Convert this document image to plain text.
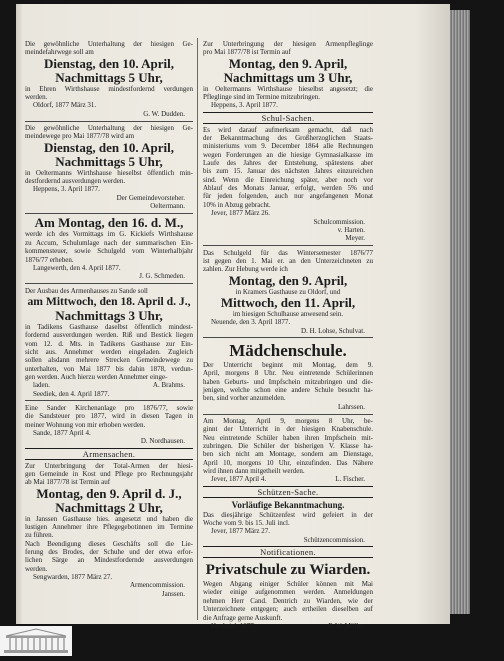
Die gewöhnliche Unterhaltung der hiesigen Ge-
meindefahrwege soll am
Dienstag, den 10. April,
Nachmittags 5 Uhr,
in Ehren Wirthshause mindestfordernd verdungen
werden.
Oldorf, 1877 März 31.
G. W. Dudden.
Die gewöhnliche Unterhaltung der hiesigen Ge-
meindewege pro Mai 1877/78 wird am
Dienstag, den 10. April,
Nachmittags 5 Uhr,
in Oeltermanns Wirthshause hieselbst öffentlich min-
destfordernd ausverdungen werden.
Heppens, 3. April 1877.
Der Gemeindevorsteher.
Oeltermann.
Am Montag, den 16. d. M.,
werde ich des Vormittags im G. Kickiefs Wirthshause
zu Accum, Schulumlage nach der summarischen Ein-
kommensteuer, sowie Schulgeld vom Winterhalbjahr
1876/77 erheben.
Langewerth, den 4. April 1877.
J. G. Schmeden.
Der Ausbau des Armenhauses zu Sande soll
am Mittwoch, den 18. April d. J.,
Nachmittags 3 Uhr,
in Tadikens Gasthause daselbst öffentlich mindest-
fordernd ausverdungen werden. Riß und Bestick liegen
vom 12. d. Mts. in Tadikens Gasthause zur Ein-
sicht aus. Annehmer werden eingeladen. Zugleich
sollen alsdann mehrere Strecken Gemeindewege zu
unterhalten, von Mai 1877 bis dahin 1878, verdun-
gen werden. Auch hierzu werden Annehmer einge-
laden.	A. Brahms.
Seediek, den 4. April 1877.
Eine Sander Kirchenanlage pro 1876/77, sowie
die Sandsteuer pro 1877, wird in diesen Tagen in
meiner Wohnung von mir erhoben werden.
Sande, 1877 April 4.
D. Nordhausen.
Armensachen.
Zur Unterbringung der Total-Armen der hiesi-
gen Gemeinde in Kost und Pflege pro Rechnungsjahr
ab Mai 1877/78 ist Termin auf
Montag, den 9. April d. J.,
Nachmittags 2 Uhr,
in Janssen Gasthause hies. angesetzt und haben die
lustigen Annehmer ihre Pflegegebotinnen im Termine
zu führen.
Nach Beendigung dieses Geschäfts soll die Lie-
ferung des Brodes, der Schuhe und der etwa erfor-
lichen Särge an Mindestfordernde ausverdungen
werden.
Sengwarden, 1877 März 27.
Armencommission.
Janssen.
Zur Unterbringung der hiesigen Armenpfleglinge
pro Mai 1877/78 ist Termin auf
Montag, den 9. April,
Nachmittags um 3 Uhr,
in Oeltermanns Wirthshause hieselbst angesetzt; die
Pfleglinge sind im Termine mitzubringen.
Heppens, 3. April 1877.
Schul-Sachen.
Es wird darauf aufmerksam gemacht, daß nach
der Bekanntmachung des Großherzoglichen Staats-
ministeriums vom 9. December 1864 alle Rechnungen
wegen Forderungen an die hiesige Gymnasialkasse im
Laufe des Jahres der Entstehung, spätestens aber
bis zum 15. Januar des nächsten Jahres einzureichen
sind. Wenn die Einreichung später, aber noch vor
Ablauf des Monats Januar, erfolgt, werden 5% und
für jeden folgenden, auch nur angefangenen Monat
10% in Abzug gebracht.
Jever, 1877 März 26.
Schulcommission.
v. Harten.
Meyer.
Das Schulgeld für das Wintersemester 1876/77
ist gegen den 1. Mai er. an den Unterzeichneten zu
zahlen. Zur Hebung werde ich
Montag, den 9. April,
in Kramers Gasthause zu Oldorf, und
Mittwoch, den 11. April,
im hiesigen Schulhause anwesend sein.
Neuende, den 3. April 1877.
D. H. Lohse, Schulvat.
Mädchenschule.
Der Unterricht beginnt mit Montag, dem 9.
April, morgens 8 Uhr. Neu eintretende Schülerinnen
haben Geburts- und Impfschein mitzubringen und die-
jenigen, welche schon eine andere Schule besucht ha-
ben, sind vorher anzumelden.
Lahrssen.
Am Montag, April 9, morgens 8 Uhr, be-
ginnt der Unterricht in der hiesigen Knabenschule.
Neu eintretende Schüler haben ihren Impfschein mit-
zubringen. Die Schüler der bisherigen V. Klasse ha-
ben sich nicht am Montage, sondern am Dienstage,
April 10, morgens 10 Uhr, einzufinden. Das Nähere
wird ihnen dann mitgetheilt werden.
Jever, 1877 April 4.	L. Fischer.
Schützen-Sache.
Vorläufige Bekanntmachung.
Das diesjährige Schützenfest wird gefeiert in der
Woche vom 9. bis 15. Juli incl.
Jever, 1877 März 27.
Schützencommission.
Notificationen.
Privatschule zu Wiarden.
Wegen Abgang einiger Schüler können mit Mai
wieder einige aufgenommen werden. Anmeldungen
nehmen Herr Cand. Dentrich zu Wiarden, wie der
Unterzeichnete entgegen; auch ertheilen dieselben auf
die Anfrage gerne Auskunft.
Hooksiel, 1877.	F. W. Möller.
